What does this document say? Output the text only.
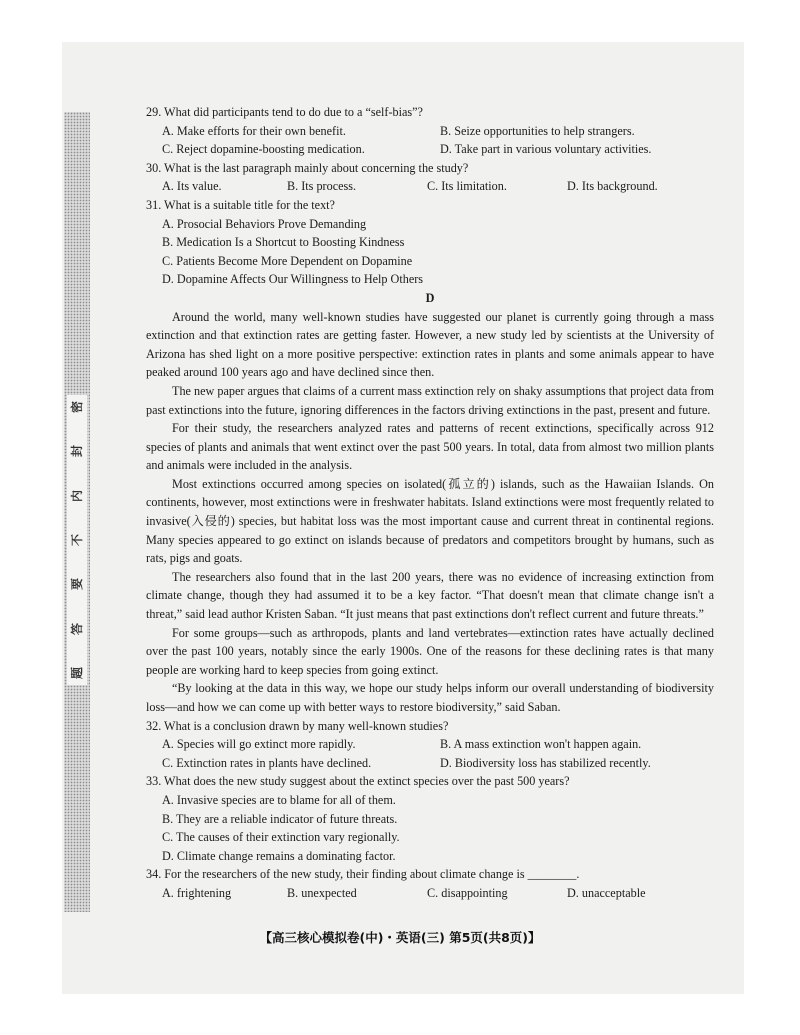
密
封
内
不
要
答
题

29. What did participants tend to do due to a “self-bias”?

A. Make efforts for their own benefit.	B. Seize opportunities to help strangers.
C. Reject dopamine-boosting medication.	D. Take part in various voluntary activities.

30. What is the last paragraph mainly about concerning the study?

A. Its value.	B. Its process.	C. Its limitation.	D. Its background.

31. What is a suitable title for the text?

A. Prosocial Behaviors Prove Demanding
B. Medication Is a Shortcut to Boosting Kindness
C. Patients Become More Dependent on Dopamine
D. Dopamine Affects Our Willingness to Help Others

D

Around the world, many well-known studies have suggested our planet is currently going through a mass extinction and that extinction rates are getting faster. However, a new study led by scientists at the University of Arizona has shed light on a more positive perspective: extinction rates in plants and some animals appear to have peaked around 100 years ago and have declined since then.

The new paper argues that claims of a current mass extinction rely on shaky assumptions that project data from past extinctions into the future, ignoring differences in the factors driving extinctions in the past, present and future.

For their study, the researchers analyzed rates and patterns of recent extinctions, specifically across 912 species of plants and animals that went extinct over the past 500 years. In total, data from almost two million plants and animals were included in the analysis.

Most extinctions occurred among species on isolated(孤立的) islands, such as the Hawaiian Islands. On continents, however, most extinctions were in freshwater habitats. Island extinctions were most frequently related to invasive(入侵的) species, but habitat loss was the most important cause and current threat in continental regions. Many species appeared to go extinct on islands because of predators and competitors brought by humans, such as rats, pigs and goats.

The researchers also found that in the last 200 years, there was no evidence of increasing extinction from climate change, though they had assumed it to be a key factor. “That doesn't mean that climate change isn't a threat,” said lead author Kristen Saban. “It just means that past extinctions don't reflect current and future threats.”

For some groups—such as arthropods, plants and land vertebrates—extinction rates have actually declined over the past 100 years, notably since the early 1900s. One of the reasons for these declining rates is that many people are working hard to keep species from going extinct.

“By looking at the data in this way, we hope our study helps inform our overall understanding of biodiversity loss—and how we can come up with better ways to restore biodiversity,” said Saban.

32. What is a conclusion drawn by many well-known studies?

A. Species will go extinct more rapidly.	B. A mass extinction won't happen again.
C. Extinction rates in plants have declined.	D. Biodiversity loss has stabilized recently.

33. What does the new study suggest about the extinct species over the past 500 years?

A. Invasive species are to blame for all of them.
B. They are a reliable indicator of future threats.
C. The causes of their extinction vary regionally.
D. Climate change remains a dominating factor.

34. For the researchers of the new study, their finding about climate change is ________.

A. frightening	B. unexpected	C. disappointing	D. unacceptable
【高三核心模拟卷(中)・英语(三) 第5页(共8页)】
